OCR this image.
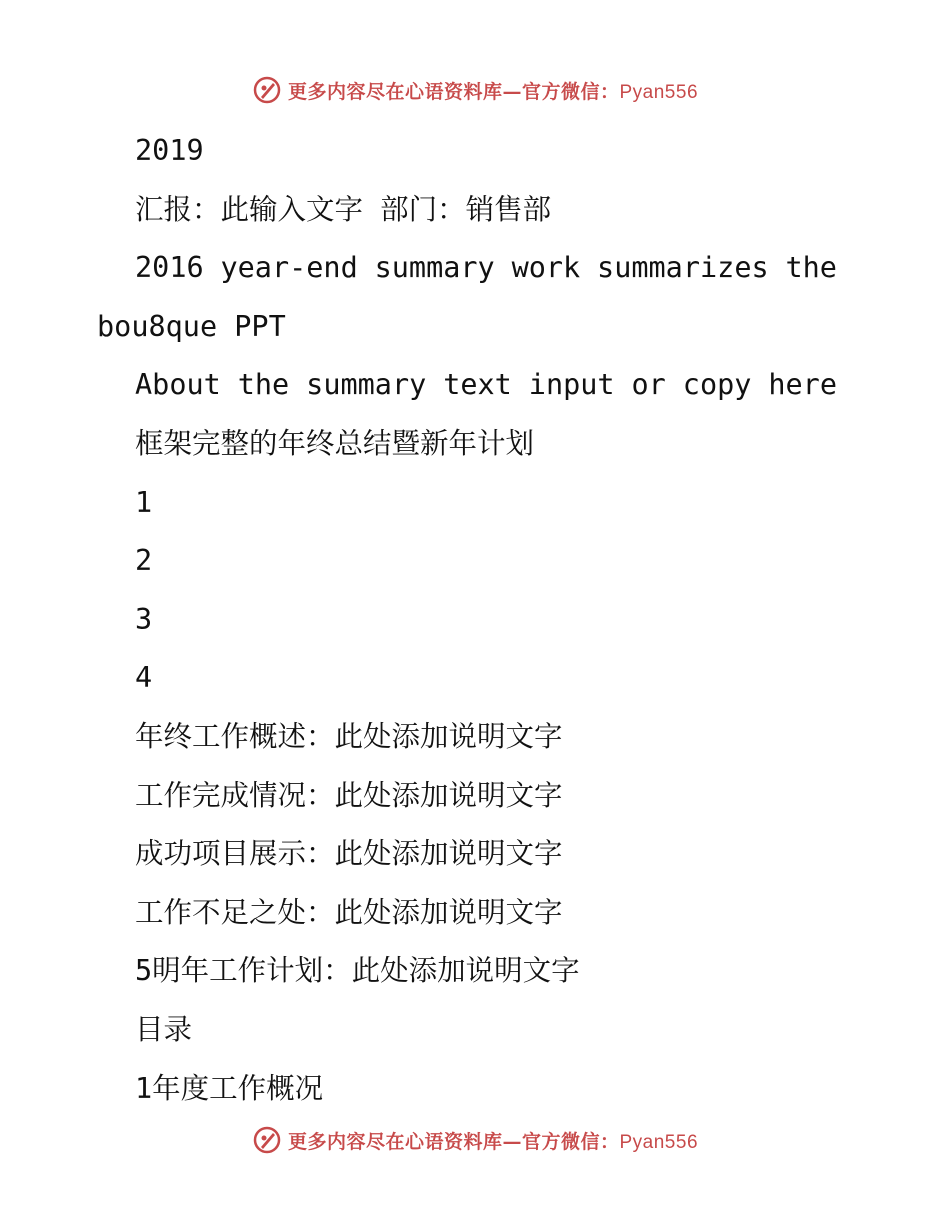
更多内容尽在心语资料库—官方微信：Pyan556
2019
汇报：此输入文字 部门：销售部
2016 year-end summary work summarizes the
bou8que PPT
About the summary text input or copy here
框架完整的年终总结暨新年计划
1
2
3
4
年终工作概述：此处添加说明文字
工作完成情况：此处添加说明文字
成功项目展示：此处添加说明文字
工作不足之处：此处添加说明文字
5明年工作计划：此处添加说明文字
目录
1年度工作概况
更多内容尽在心语资料库—官方微信：Pyan556
